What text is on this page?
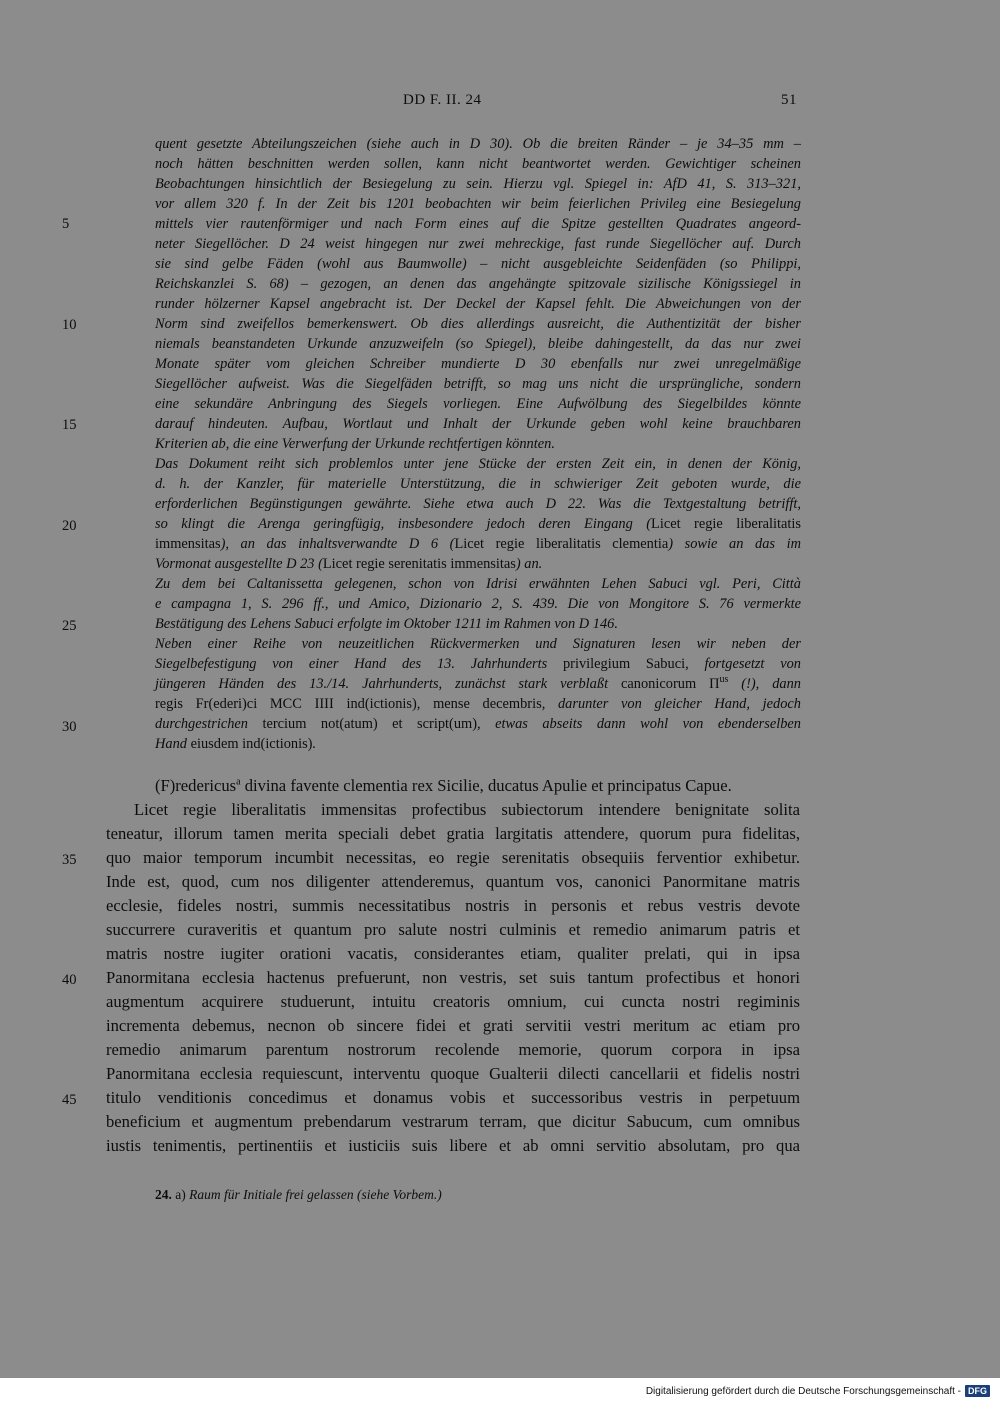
DD F. II. 24	51
5
10
15
20
25
30
35
40
45
quent gesetzte Abteilungszeichen (siehe auch in D 30). Ob die breiten Ränder – je 34–35 mm –
noch hätten beschnitten werden sollen, kann nicht beantwortet werden. Gewichtiger scheinen
Beobachtungen hinsichtlich der Besiegelung zu sein. Hierzu vgl. Spiegel in: AfD 41, S. 313–321,
vor allem 320 f. In der Zeit bis 1201 beobachten wir beim feierlichen Privileg eine Besiegelung
mittels vier rautenförmiger und nach Form eines auf die Spitze gestellten Quadrates angeord-
neter Siegellöcher. D 24 weist hingegen nur zwei mehreckige, fast runde Siegellöcher auf. Durch
sie sind gelbe Fäden (wohl aus Baumwolle) – nicht ausgebleichte Seidenfäden (so Philippi,
Reichskanzlei S. 68) – gezogen, an denen das angehängte spitzovale sizilische Königssiegel in
runder hölzerner Kapsel angebracht ist. Der Deckel der Kapsel fehlt. Die Abweichungen von der
Norm sind zweifellos bemerkenswert. Ob dies allerdings ausreicht, die Authentizität der bisher
niemals beanstandeten Urkunde anzuzweifeln (so Spiegel), bleibe dahingestellt, da das nur zwei
Monate später vom gleichen Schreiber mundierte D 30 ebenfalls nur zwei unregelmäßige
Siegellöcher aufweist. Was die Siegelfäden betrifft, so mag uns nicht die ursprüngliche, sondern
eine sekundäre Anbringung des Siegels vorliegen. Eine Aufwölbung des Siegelbildes könnte
darauf hindeuten. Aufbau, Wortlaut und Inhalt der Urkunde geben wohl keine brauchbaren
Kriterien ab, die eine Verwerfung der Urkunde rechtfertigen könnten.
Das Dokument reiht sich problemlos unter jene Stücke der ersten Zeit ein, in denen der König,
d. h. der Kanzler, für materielle Unterstützung, die in schwieriger Zeit geboten wurde, die
erforderlichen Begünstigungen gewährte. Siehe etwa auch D 22. Was die Textgestaltung betrifft,
so klingt die Arenga geringfügig, insbesondere jedoch deren Eingang (Licet regie liberalitatis
immensitas), an das inhaltsverwandte D 6 (Licet regie liberalitatis clementia) sowie an das im
Vormonat ausgestellte D 23 (Licet regie serenitatis immensitas) an.
Zu dem bei Caltanissetta gelegenen, schon von Idrisi erwähnten Lehen Sabuci vgl. Peri, Città
e campagna 1, S. 296 ff., und Amico, Dizionario 2, S. 439. Die von Mongitore S. 76 vermerkte
Bestätigung des Lehens Sabuci erfolgte im Oktober 1211 im Rahmen von D 146.
Neben einer Reihe von neuzeitlichen Rückvermerken und Signaturen lesen wir neben der
Siegelbefestigung von einer Hand des 13. Jahrhunderts privilegium Sabuci, fortgesetzt von
jüngeren Händen des 13./14. Jahrhunderts, zunächst stark verblaßt canonicorum $\Pi^{us}$ (!), dann
regis Fr(ederi)ci MCC IIII ind(ictionis), mense decembris, darunter von gleicher Hand, jedoch
durchgestrichen tercium not(atum) et script(um), etwas abseits dann wohl von ebenderselben
Hand eiusdem ind(ictionis).
(F)redericus$^a$ divina favente clementia rex Sicilie, ducatus Apulie et principatus Capue.
Licet regie liberalitatis immensitas profectibus subiectorum intendere benignitate solita
teneatur, illorum tamen merita speciali debet gratia largitatis attendere, quorum pura fidelitas,
quo maior temporum incumbit necessitas, eo regie serenitatis obsequiis ferventior exhibetur.
Inde est, quod, cum nos diligenter attenderemus, quantum vos, canonici Panormitane matris
ecclesie, fideles nostri, summis necessitatibus nostris in personis et rebus vestris devote
succurrere curaveritis et quantum pro salute nostri culminis et remedio animarum patris et
matris nostre iugiter orationi vacatis, considerantes etiam, qualiter prelati, qui in ipsa
Panormitana ecclesia hactenus prefuerunt, non vestris, set suis tantum profectibus et honori
augmentum acquirere studuerunt, intuitu creatoris omnium, cui cuncta nostri regiminis
incrementa debemus, necnon ob sincere fidei et grati servitii vestri meritum ac etiam pro
remedio animarum parentum nostrorum recolende memorie, quorum corpora in ipsa
Panormitana ecclesia requiescunt, interventu quoque Gualterii dilecti cancellarii et fidelis nostri
titulo venditionis concedimus et donamus vobis et successoribus vestris in perpetuum
beneficium et augmentum prebendarum vestrarum terram, que dicitur Sabucum, cum omnibus
iustis tenimentis, pertinentiis et iusticiis suis libere et ab omni servitio absolutam, pro qua
24. a) Raum für Initiale frei gelassen (siehe Vorbem.)
Digitalisierung gefördert durch die Deutsche Forschungsgemeinschaft - DFG
